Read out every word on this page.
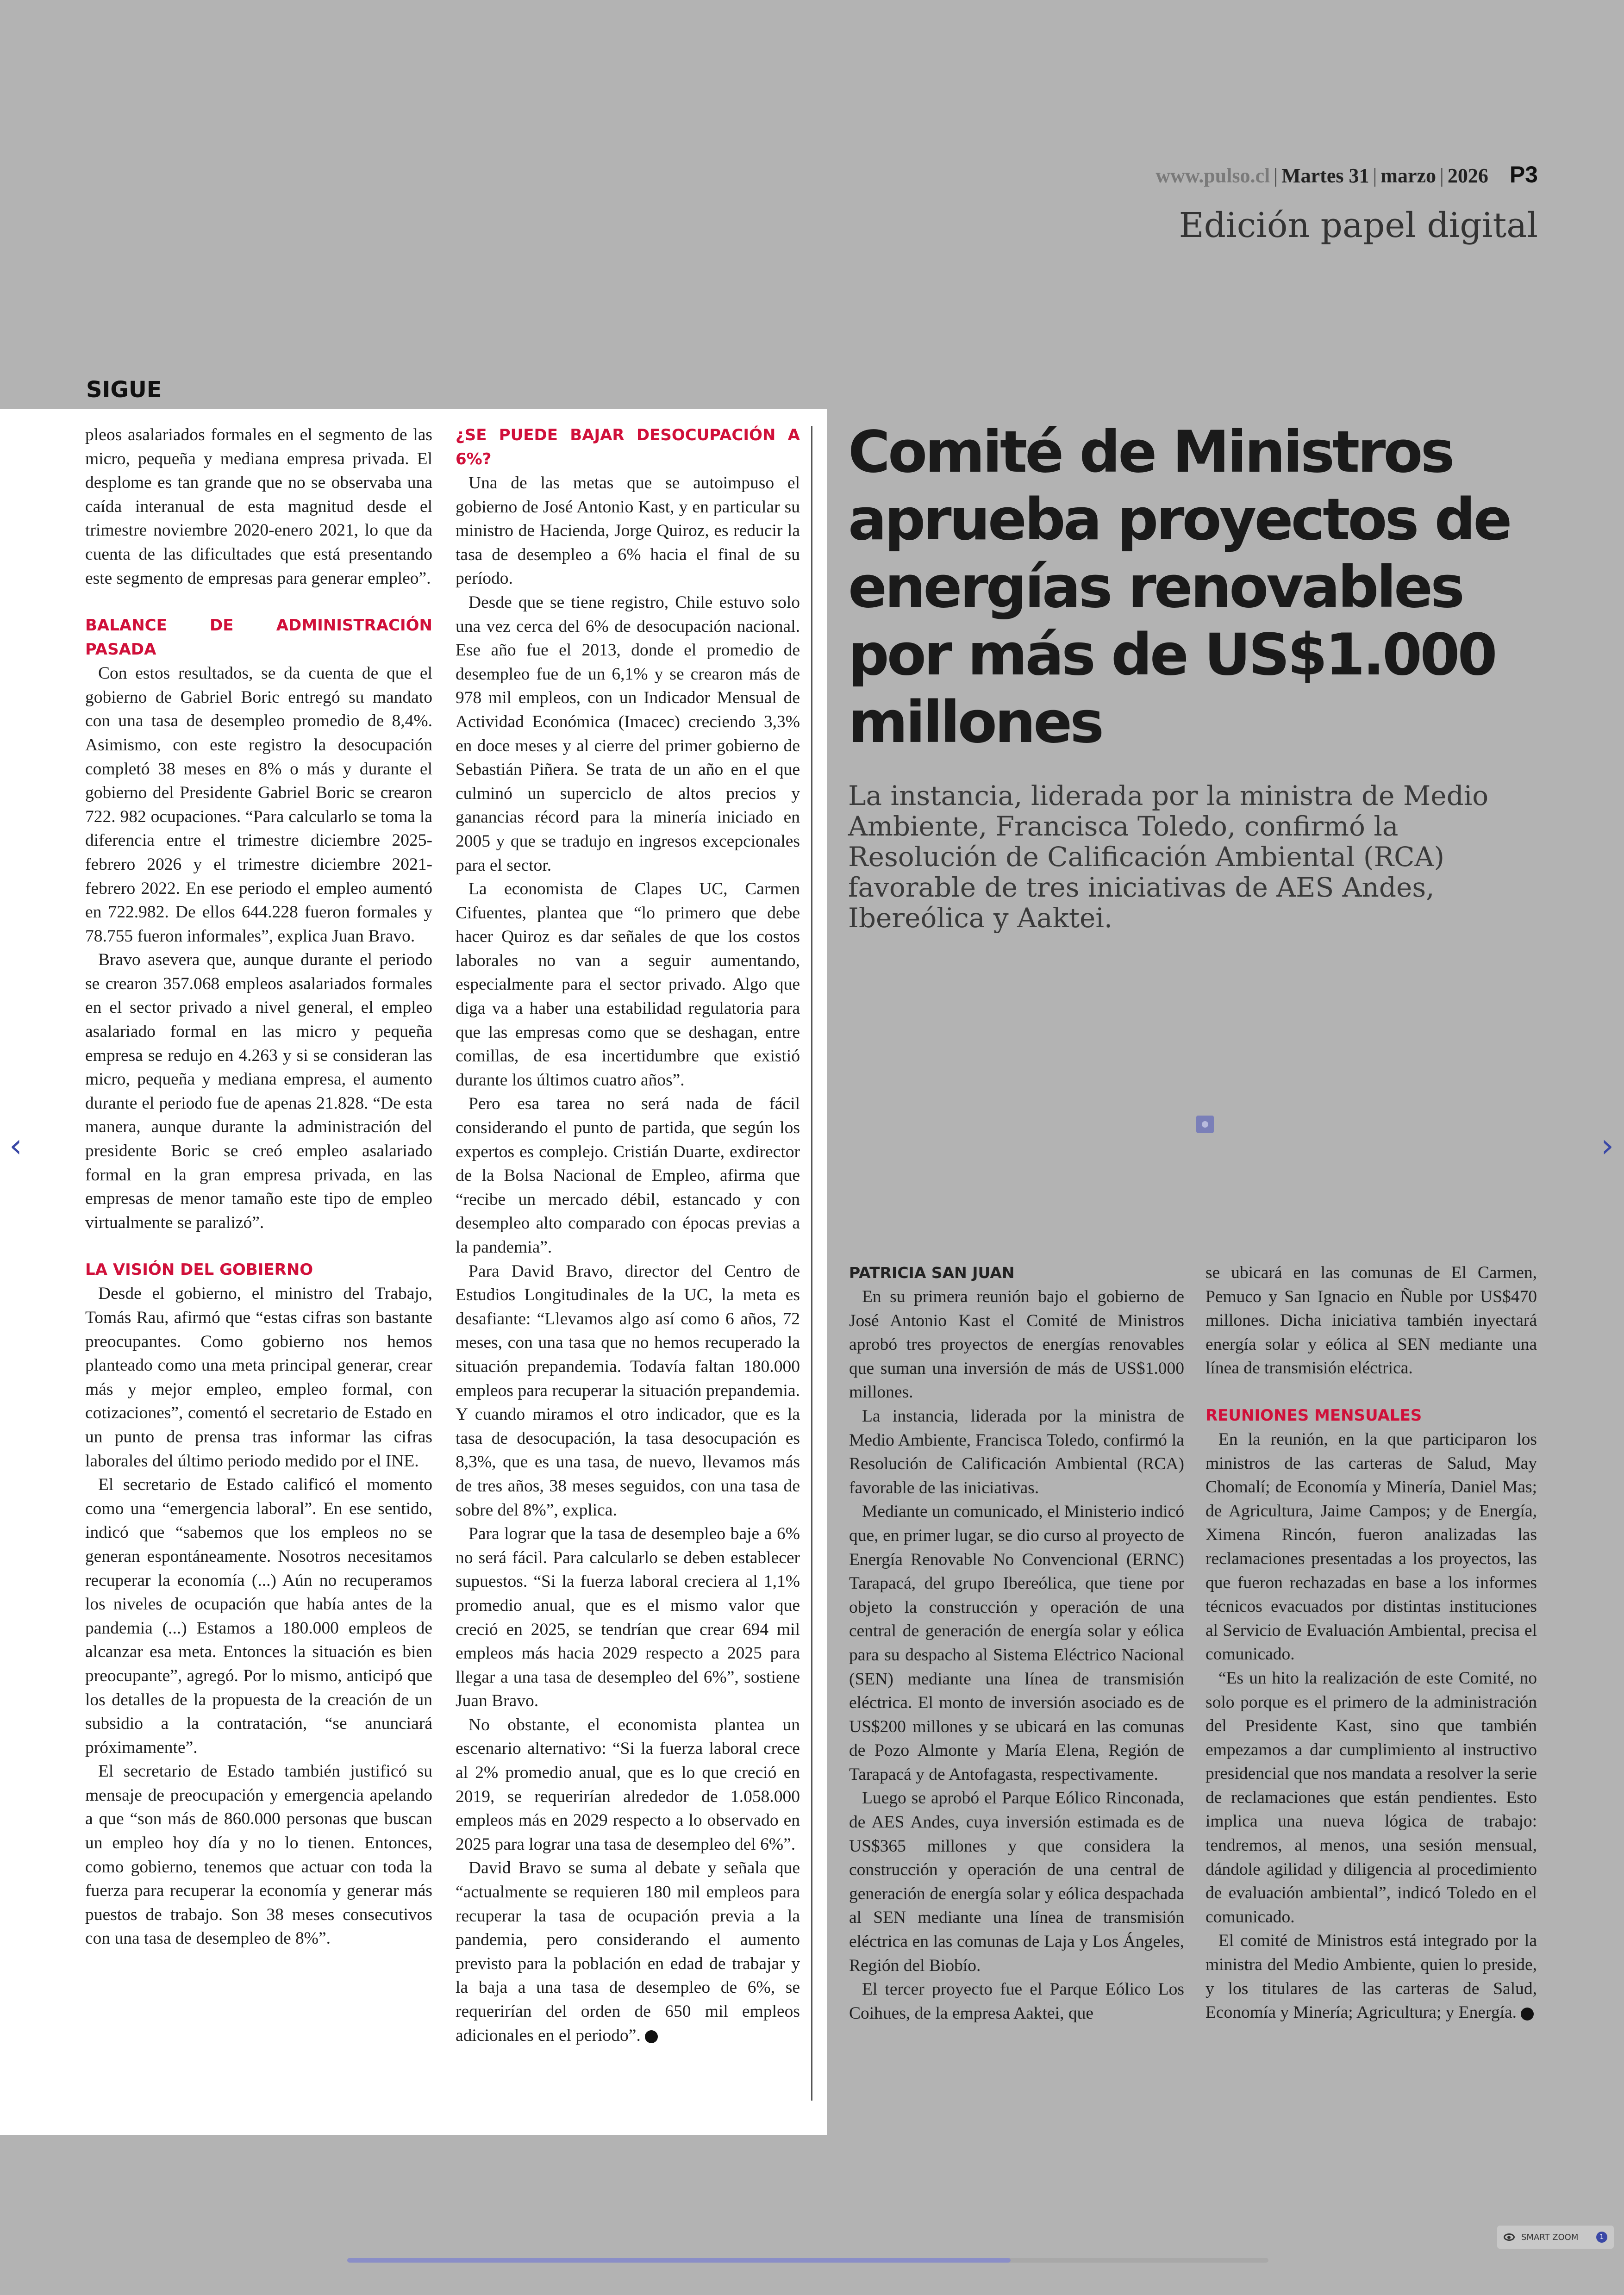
www.pulso.cl | Martes 31 | marzo | 2026 P3
Edición papel digital
SIGUE

pleos asalariados formales en el segmento de las micro, pequeña y mediana empresa privada. El desplome es tan grande que no se observaba una caída interanual de esta magnitud desde el trimestre noviembre 2020-enero 2021, lo que da cuenta de las dificultades que está presentando este segmento de empresas para generar empleo”.

BALANCE DE ADMINISTRACIÓN PASADA

Con estos resultados, se da cuenta de que el gobierno de Gabriel Boric entregó su mandato con una tasa de desempleo promedio de 8,4%. Asimismo, con este registro la desocupación completó 38 meses en 8% o más y durante el gobierno del Presidente Gabriel Boric se crearon 722. 982 ocupaciones. “Para calcularlo se toma la diferencia entre el trimestre diciembre 2025-febrero 2026 y el trimestre diciembre 2021-febrero 2022. En ese periodo el empleo aumentó en 722.982. De ellos 644.228 fueron formales y 78.755 fueron informales”, explica Juan Bravo.

Bravo asevera que, aunque durante el periodo se crearon 357.068 empleos asalariados formales en el sector privado a nivel general, el empleo asalariado formal en las micro y pequeña empresa se redujo en 4.263 y si se consideran las micro, pequeña y mediana empresa, el aumento durante el periodo fue de apenas 21.828. “De esta manera, aunque durante la administración del presidente Boric se creó empleo asalariado formal en la gran empresa privada, en las empresas de menor tamaño este tipo de empleo virtualmente se paralizó”.

LA VISIÓN DEL GOBIERNO

Desde el gobierno, el ministro del Trabajo, Tomás Rau, afirmó que “estas cifras son bastante preocupantes. Como gobierno nos hemos planteado como una meta principal generar, crear más y mejor empleo, empleo formal, con cotizaciones”, comentó el secretario de Estado en un punto de prensa tras informar las cifras laborales del último periodo medido por el INE.

El secretario de Estado calificó el momento como una “emergencia laboral”. En ese sentido, indicó que “sabemos que los empleos no se generan espontáneamente. Nosotros necesitamos recuperar la economía (...) Aún no recuperamos los niveles de ocupación que había antes de la pandemia (...) Estamos a 180.000 empleos de alcanzar esa meta. Entonces la situación es bien preocupante”, agregó. Por lo mismo, anticipó que los detalles de la propuesta de la creación de un subsidio a la contratación, “se anunciará próximamente”.

El secretario de Estado también justificó su mensaje de preocupación y emergencia apelando a que “son más de 860.000 personas que buscan un empleo hoy día y no lo tienen. Entonces, como gobierno, tenemos que actuar con toda la fuerza para recuperar la economía y generar más puestos de trabajo. Son 38 meses consecutivos con una tasa de desempleo de 8%”.

¿SE PUEDE BAJAR DESOCUPACIÓN A 6%?

Una de las metas que se autoimpuso el gobierno de José Antonio Kast, y en particular su ministro de Hacienda, Jorge Quiroz, es reducir la tasa de desempleo a 6% hacia el final de su período.

Desde que se tiene registro, Chile estuvo solo una vez cerca del 6% de desocupación nacional. Ese año fue el 2013, donde el promedio de desempleo fue de un 6,1% y se crearon más de 978 mil empleos, con un Indicador Mensual de Actividad Económica (Imacec) creciendo 3,3% en doce meses y al cierre del primer gobierno de Sebastián Piñera. Se trata de un año en el que culminó un superciclo de altos precios y ganancias récord para la minería iniciado en 2005 y que se tradujo en ingresos excepcionales para el sector.

La economista de Clapes UC, Carmen Cifuentes, plantea que “lo primero que debe hacer Quiroz es dar señales de que los costos laborales no van a seguir aumentando, especialmente para el sector privado. Algo que diga va a haber una estabilidad regulatoria para que las empresas como que se deshagan, entre comillas, de esa incertidumbre que existió durante los últimos cuatro años”.

Pero esa tarea no será nada de fácil considerando el punto de partida, que según los expertos es complejo. Cristián Duarte, exdirector de la Bolsa Nacional de Empleo, afirma que “recibe un mercado débil, estancado y con desempleo alto comparado con épocas previas a la pandemia”.

Para David Bravo, director del Centro de Estudios Longitudinales de la UC, la meta es desafiante: “Llevamos algo así como 6 años, 72 meses, con una tasa que no hemos recuperado la situación prepandemia. Todavía faltan 180.000 empleos para recuperar la situación prepandemia. Y cuando miramos el otro indicador, que es la tasa de desocupación, la tasa desocupación es 8,3%, que es una tasa, de nuevo, llevamos más de tres años, 38 meses seguidos, con una tasa de sobre del 8%”, explica.

Para lograr que la tasa de desempleo baje a 6% no será fácil. Para calcularlo se deben establecer supuestos. “Si la fuerza laboral creciera al 1,1% promedio anual, que es el mismo valor que creció en 2025, se tendrían que crear 694 mil empleos más hacia 2029 respecto a 2025 para llegar a una tasa de desempleo del 6%”, sostiene Juan Bravo.

No obstante, el economista plantea un escenario alternativo: “Si la fuerza laboral crece al 2% promedio anual, que es lo que creció en 2019, se requerirían alrededor de 1.058.000 empleos más en 2029 respecto a lo observado en 2025 para lograr una tasa de desempleo del 6%”.

David Bravo se suma al debate y señala que “actualmente se requieren 180 mil empleos para recuperar la tasa de ocupación previa a la pandemia, pero considerando el aumento previsto para la población en edad de trabajar y la baja a una tasa de desempleo de 6%, se requerirían del orden de 650 mil empleos adicionales en el periodo”.

Comité de Ministros aprueba proyectos de energías renovables por más de US$1.000 millones
La instancia, liderada por la ministra de Medio Ambiente, Francisca Toledo, confirmó la Resolución de Calificación Ambiental (RCA) favorable de tres iniciativas de AES Andes, Ibereólica y Aaktei.
PATRICIA SAN JUAN

En su primera reunión bajo el gobierno de José Antonio Kast el Comité de Ministros aprobó tres proyectos de energías renovables que suman una inversión de más de US$1.000 millones.

La instancia, liderada por la ministra de Medio Ambiente, Francisca Toledo, confirmó la Resolución de Calificación Ambiental (RCA) favorable de las iniciativas.

Mediante un comunicado, el Ministerio indicó que, en primer lugar, se dio curso al proyecto de Energía Renovable No Convencional (ERNC) Tarapacá, del grupo Ibereólica, que tiene por objeto la construcción y operación de una central de generación de energía solar y eólica para su despacho al Sistema Eléctrico Nacional (SEN) mediante una línea de transmisión eléctrica. El monto de inversión asociado es de US$200 millones y se ubicará en las comunas de Pozo Almonte y María Elena, Región de Tarapacá y de Antofagasta, respectivamente.

Luego se aprobó el Parque Eólico Rinconada, de AES Andes, cuya inversión estimada es de US$365 millones y que considera la construcción y operación de una central de generación de energía solar y eólica despachada al SEN mediante una línea de transmisión eléctrica en las comunas de Laja y Los Ángeles, Región del Biobío.

El tercer proyecto fue el Parque Eólico Los Coihues, de la empresa Aaktei, que

se ubicará en las comunas de El Carmen, Pemuco y San Ignacio en Ñuble por US$470 millones. Dicha iniciativa también inyectará energía solar y eólica al SEN mediante una línea de transmisión eléctrica.

REUNIONES MENSUALES

En la reunión, en la que participaron los ministros de las carteras de Salud, May Chomalí; de Economía y Minería, Daniel Mas; de Agricultura, Jaime Campos; y de Energía, Ximena Rincón, fueron analizadas las reclamaciones presentadas a los proyectos, las que fueron rechazadas en base a los informes técnicos evacuados por distintas instituciones al Servicio de Evaluación Ambiental, precisa el comunicado.

“Es un hito la realización de este Comité, no solo porque es el primero de la administración del Presidente Kast, sino que también empezamos a dar cumplimiento al instructivo presidencial que nos mandata a resolver la serie de reclamaciones que están pendientes. Esto implica una nueva lógica de trabajo: tendremos, al menos, una sesión mensual, dándole agilidad y diligencia al procedimiento de evaluación ambiental”, indicó Toledo en el comunicado.

El comité de Ministros está integrado por la ministra del Medio Ambiente, quien lo preside, y los titulares de las carteras de Salud, Economía y Minería; Agricultura; y Energía.

‹	›
SMART ZOOM	1
